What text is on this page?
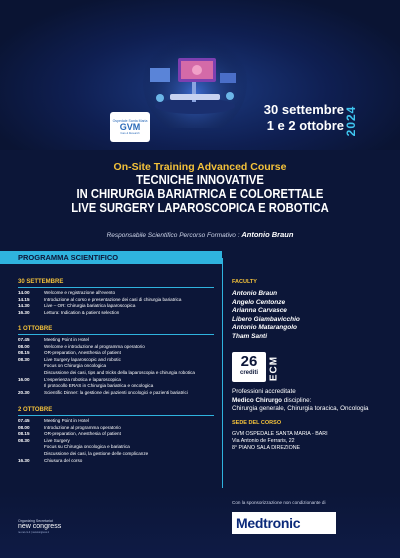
Ospedale Santa Maria
GVM
Care & Research
30 settembre
1 e 2 ottobre 2024
On-Site Training Advanced Course
TECNICHE INNOVATIVE
IN CHIRURGIA BARIATRICA E COLORETTALE
LIVE SURGERY LAPAROSCOPICA E ROBOTICA
Responsabile Scientifico Percorso Formativo : Antonio Braun
PROGRAMMA SCIENTIFICO
30 SETTEMBRE
14.00	Welcome e registrazione all'evento
14.15	Introduzione al corso e presentazione dei casi di chirurgia bariatrica
14.30	Live – OR: Chirurgia bariatrica laparoscopica
16.30	Lettura: Indication & patient selection
1 OTTOBRE
07.45	Meeting Point in Hotel
08.00	Welcome e introduzione al programma operatorio
08.15	OR-preparation, Anesthesia of patient
08.30	Live Surgery laparoscopic and robotic
Focus on Chirurgia oncologica
Discussione dei casi, tips and tricks della laparoscopia e chirurgia robotica
16.00	L'esperienza robotica e laparoscopica
Il protocollo ERAS in Chirurgia bariatrica e oncologica
20.30	Scientific Dinner: la gestione dei pazienti oncologici e pazienti bariatrici
2 OTTOBRE
07.45	Meeting Point in Hotel
08.00	Introduzione al programma operatorio
08.15	OR-preparation, Anesthesia of patient
08.30	Live Surgery
Focus su Chirurgia oncologica e bariatrica
Discussione dei casi, la gestione delle complicanze
16.30	Chiusura del corso
FACULTY
Antonio Braun
Angelo Centonze
Arianna Carvasce
Libero Giambavicchio
Antonio Matarangolo
Tham Santi
26
crediti	ECM
Professioni accreditate
Medico Chirurgo discipline:
Chirurgia generale, Chirurgia toracica, Oncologia
SEDE DEL CORSO
GVM OSPEDALE SANTA MARIA - BARI
Via Antonio de Ferraris, 22
8° PIANO SALA DIREZIONE
Con la sponsorizzazione non condizionante di
Medtronic
Organizing Secretariat
new congress
ne.net.co.it | newcongress.it
